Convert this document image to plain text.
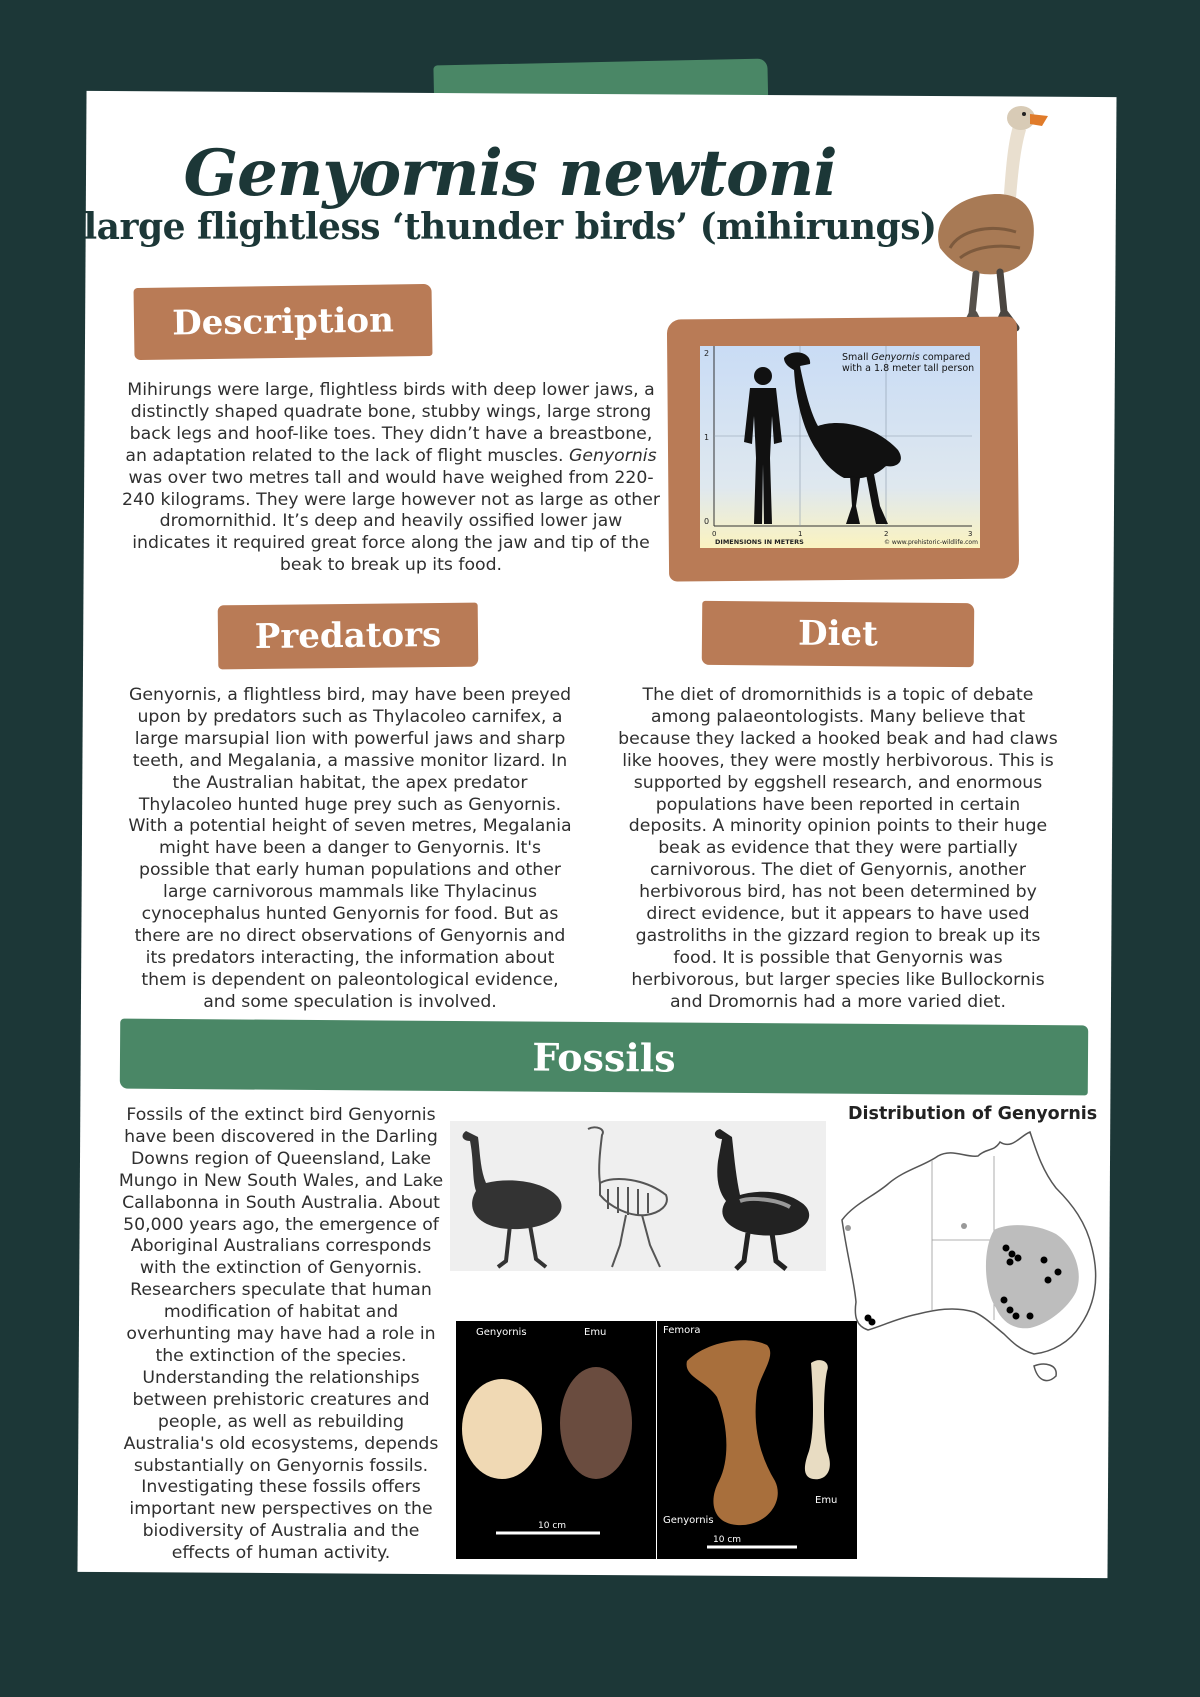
Genyornis newtoni
large flightless ‘thunder birds’ (mihirungs)
Description

Mihirungs were large, flightless birds with deep lower jaws, a distinctly shaped quadrate bone, stubby wings, large strong back legs and hoof-like toes. They didn’t have a breastbone, an adaptation related to the lack of flight muscles. Genyornis was over two metres tall and would have weighed from 220-240 kilograms. They were large however not as large as other dromornithid. It’s deep and heavily ossified lower jaw indicates it required great force along the jaw and tip of the beak to break up its food.

2
1
0
0	1	2	3
DIMENSIONS IN METERS	© www.prehistoric-wildlife.com
Small Genyornis compared
with a 1.8 meter tall person
Predators

Genyornis, a flightless bird, may have been preyed upon by predators such as Thylacoleo carnifex, a large marsupial lion with powerful jaws and sharp teeth, and Megalania, a massive monitor lizard. In the Australian habitat, the apex predator Thylacoleo hunted huge prey such as Genyornis. With a potential height of seven metres, Megalania might have been a danger to Genyornis. It's possible that early human populations and other large carnivorous mammals like Thylacinus cynocephalus hunted Genyornis for food. But as there are no direct observations of Genyornis and its predators interacting, the information about them is dependent on paleontological evidence, and some speculation is involved.

Diet

The diet of dromornithids is a topic of debate among palaeontologists. Many believe that because they lacked a hooked beak and had claws like hooves, they were mostly herbivorous. This is supported by eggshell research, and enormous populations have been reported in certain deposits. A minority opinion points to their huge beak as evidence that they were partially carnivorous. The diet of Genyornis, another herbivorous bird, has not been determined by direct evidence, but it appears to have used gastroliths in the gizzard region to break up its food. It is possible that Genyornis was herbivorous, but larger species like Bullockornis and Dromornis had a more varied diet.

Fossils

Fossils of the extinct bird Genyornis have been discovered in the Darling Downs region of Queensland, Lake Mungo in New South Wales, and Lake Callabonna in South Australia. About 50,000 years ago, the emergence of Aboriginal Australians corresponds with the extinction of Genyornis. Researchers speculate that human modification of habitat and overhunting may have had a role in the extinction of the species. Understanding the relationships between prehistoric creatures and people, as well as rebuilding Australia's old ecosystems, depends substantially on Genyornis fossils. Investigating these fossils offers important new perspectives on the biodiversity of Australia and the effects of human activity.

Genyornis	Emu
10 cm
Femora
Emu
Genyornis
10 cm
Distribution of Genyornis
